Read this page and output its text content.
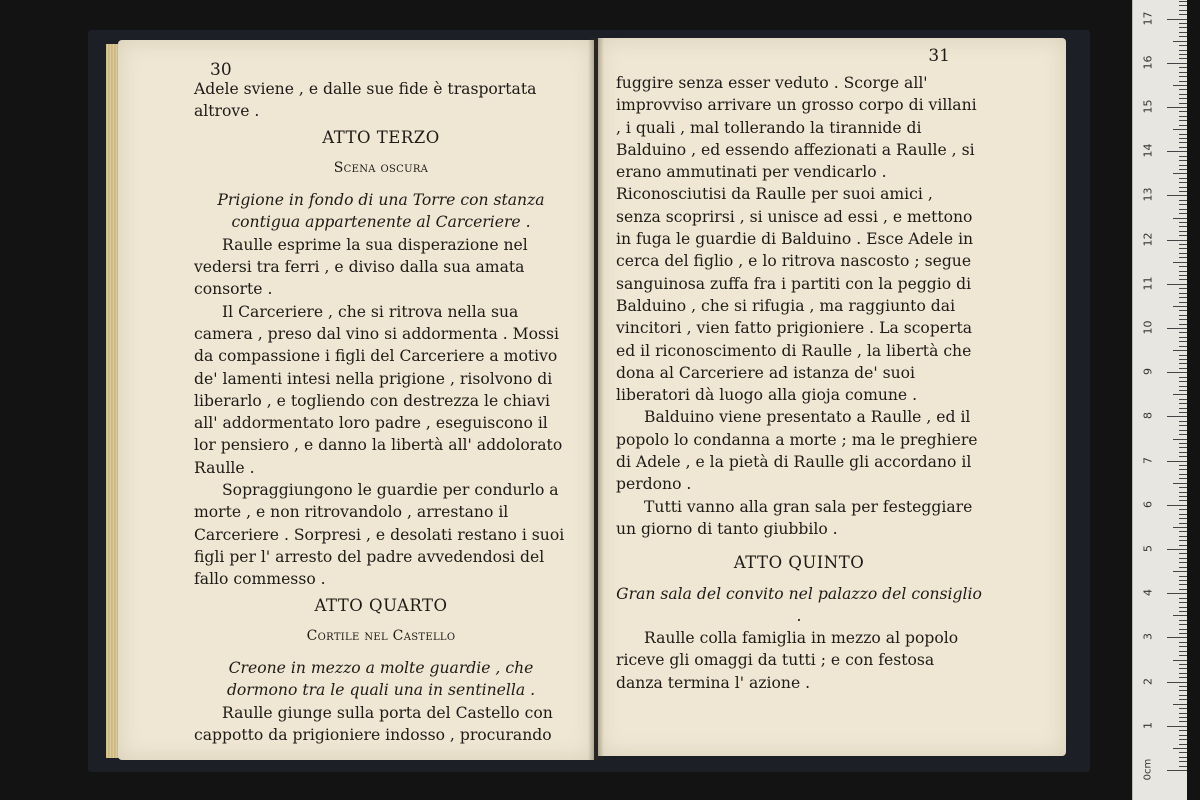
30

Adele sviene , e dalle sue fide è trasportata altrove .

ATTO TERZO
Scena oscura

Prigione in fondo di una Torre con stanza contigua appartenente al Carceriere .

Raulle esprime la sua disperazione nel vedersi tra ferri , e diviso dalla sua amata consorte .

Il Carceriere , che si ritrova nella sua camera , preso dal vino si addormenta . Mossi da compassione i figli del Carceriere a motivo de' lamenti intesi nella prigione , risolvono di liberarlo , e togliendo con destrezza le chiavi all' addormentato loro padre , eseguiscono il lor pensiero , e danno la libertà all' addolorato Raulle .

Sopraggiungono le guardie per condurlo a morte , e non ritrovandolo , arrestano il Carceriere . Sorpresi , e desolati restano i suoi figli per l' arresto del padre avvedendosi del fallo commesso .

ATTO QUARTO
Cortile nel Castello

Creone in mezzo a molte guardie , che dormono tra le quali una in sentinella .

Raulle giunge sulla porta del Castello con cappotto da prigioniere indosso , procurando

31

fuggire senza esser veduto . Scorge all' improvviso arrivare un grosso corpo di villani , i quali , mal tollerando la tirannide di Balduino , ed essendo affezionati a Raulle , si erano ammutinati per vendicarlo . Riconosciutisi da Raulle per suoi amici , senza scoprirsi , si unisce ad essi , e mettono in fuga le guardie di Balduino . Esce Adele in cerca del figlio , e lo ritrova nascosto ; segue sanguinosa zuffa fra i partiti con la peggio di Balduino , che si rifugia , ma raggiunto dai vincitori , vien fatto prigioniere . La scoperta ed il riconoscimento di Raulle , la libertà che dona al Carceriere ad istanza de' suoi liberatori dà luogo alla gioja comune .

Balduino viene presentato a Raulle , ed il popolo lo condanna a morte ; ma le preghiere di Adele , e la pietà di Raulle gli accordano il perdono .

Tutti vanno alla gran sala per festeggiare un giorno di tanto giubbilo .

ATTO QUINTO

Gran sala del convito nel palazzo del consiglio .

Raulle colla famiglia in mezzo al popolo riceve gli omaggi da tutti ; e con festosa danza termina l' azione .

0cm
1
2
3
4
5
6
7
8
9
10
11
12
13
14
15
16
17
